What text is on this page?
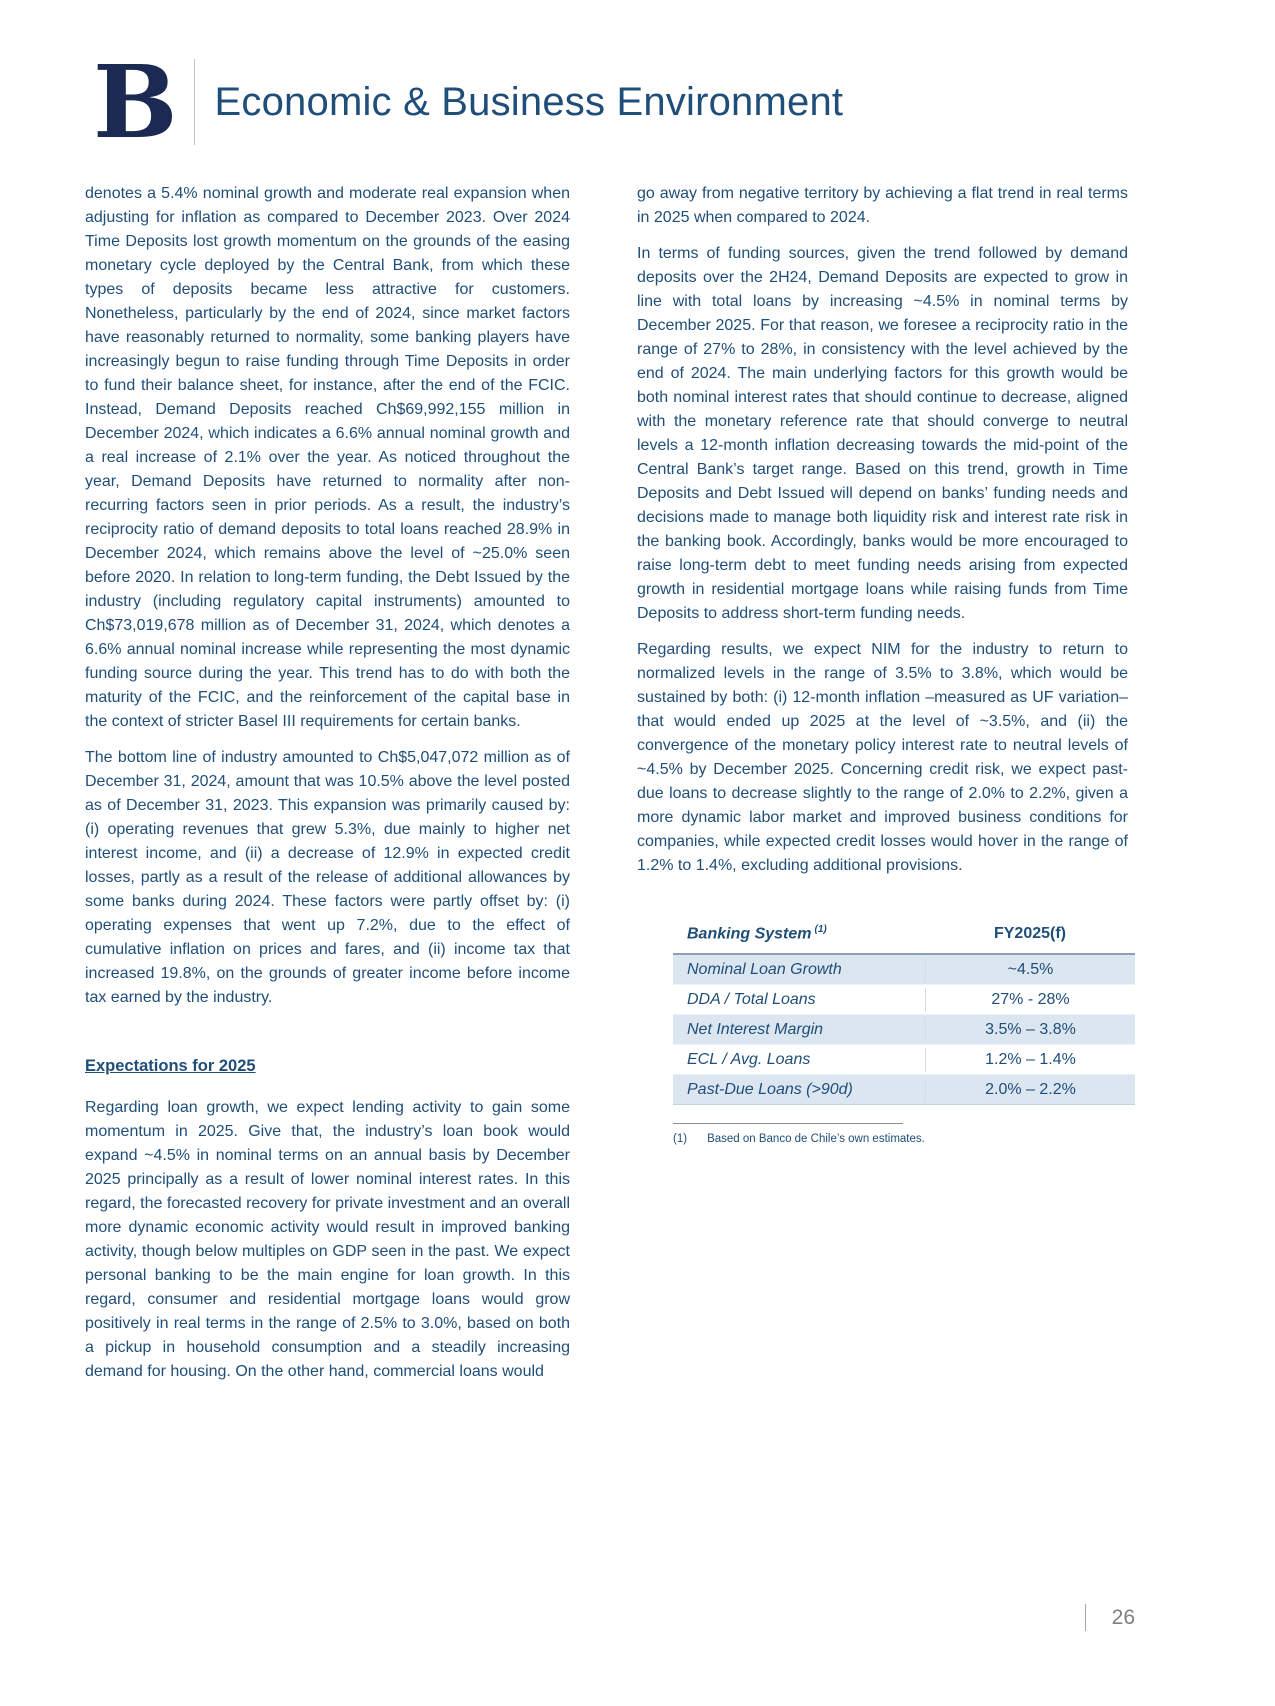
B Economic & Business Environment

denotes a 5.4% nominal growth and moderate real expansion when adjusting for inflation as compared to December 2023. Over 2024 Time Deposits lost growth momentum on the grounds of the easing monetary cycle deployed by the Central Bank, from which these types of deposits became less attractive for customers. Nonetheless, particularly by the end of 2024, since market factors have reasonably returned to normality, some banking players have increasingly begun to raise funding through Time Deposits in order to fund their balance sheet, for instance, after the end of the FCIC. Instead, Demand Deposits reached Ch$69,992,155 million in December 2024, which indicates a 6.6% annual nominal growth and a real increase of 2.1% over the year. As noticed throughout the year, Demand Deposits have returned to normality after non-recurring factors seen in prior periods. As a result, the industry’s reciprocity ratio of demand deposits to total loans reached 28.9% in December 2024, which remains above the level of ~25.0% seen before 2020. In relation to long-term funding, the Debt Issued by the industry (including regulatory capital instruments) amounted to Ch$73,019,678 million as of December 31, 2024, which denotes a 6.6% annual nominal increase while representing the most dynamic funding source during the year. This trend has to do with both the maturity of the FCIC, and the reinforcement of the capital base in the context of stricter Basel III requirements for certain banks.

The bottom line of industry amounted to Ch$5,047,072 million as of December 31, 2024, amount that was 10.5% above the level posted as of December 31, 2023. This expansion was primarily caused by: (i) operating revenues that grew 5.3%, due mainly to higher net interest income, and (ii) a decrease of 12.9% in expected credit losses, partly as a result of the release of additional allowances by some banks during 2024. These factors were partly offset by: (i) operating expenses that went up 7.2%, due to the effect of cumulative inflation on prices and fares, and (ii) income tax that increased 19.8%, on the grounds of greater income before income tax earned by the industry.

Expectations for 2025

Regarding loan growth, we expect lending activity to gain some momentum in 2025. Give that, the industry’s loan book would expand ~4.5% in nominal terms on an annual basis by December 2025 principally as a result of lower nominal interest rates. In this regard, the forecasted recovery for private investment and an overall more dynamic economic activity would result in improved banking activity, though below multiples on GDP seen in the past. We expect personal banking to be the main engine for loan growth. In this regard, consumer and residential mortgage loans would grow positively in real terms in the range of 2.5% to 3.0%, based on both a pickup in household consumption and a steadily increasing demand for housing. On the other hand, commercial loans would

go away from negative territory by achieving a flat trend in real terms in 2025 when compared to 2024.

In terms of funding sources, given the trend followed by demand deposits over the 2H24, Demand Deposits are expected to grow in line with total loans by increasing ~4.5% in nominal terms by December 2025. For that reason, we foresee a reciprocity ratio in the range of 27% to 28%, in consistency with the level achieved by the end of 2024. The main underlying factors for this growth would be both nominal interest rates that should continue to decrease, aligned with the monetary reference rate that should converge to neutral levels a 12-month inflation decreasing towards the mid-point of the Central Bank’s target range. Based on this trend, growth in Time Deposits and Debt Issued will depend on banks’ funding needs and decisions made to manage both liquidity risk and interest rate risk in the banking book. Accordingly, banks would be more encouraged to raise long-term debt to meet funding needs arising from expected growth in residential mortgage loans while raising funds from Time Deposits to address short-term funding needs.

Regarding results, we expect NIM for the industry to return to normalized levels in the range of 3.5% to 3.8%, which would be sustained by both: (i) 12-month inflation –measured as UF variation– that would ended up 2025 at the level of ~3.5%, and (ii) the convergence of the monetary policy interest rate to neutral levels of ~4.5% by December 2025. Concerning credit risk, we expect past-due loans to decrease slightly to the range of 2.0% to 2.2%, given a more dynamic labor market and improved business conditions for companies, while expected credit losses would hover in the range of 1.2% to 1.4%, excluding additional provisions.

Banking System $^{(1)}$	FY2025(f)
Nominal Loan Growth	~4.5%
DDA / Total Loans	27% - 28%
Net Interest Margin	3.5% – 3.8%
ECL / Avg. Loans	1.2% – 1.4%
Past-Due Loans (>90d)	2.0% – 2.2%
(1) Based on Banco de Chile’s own estimates.
26
